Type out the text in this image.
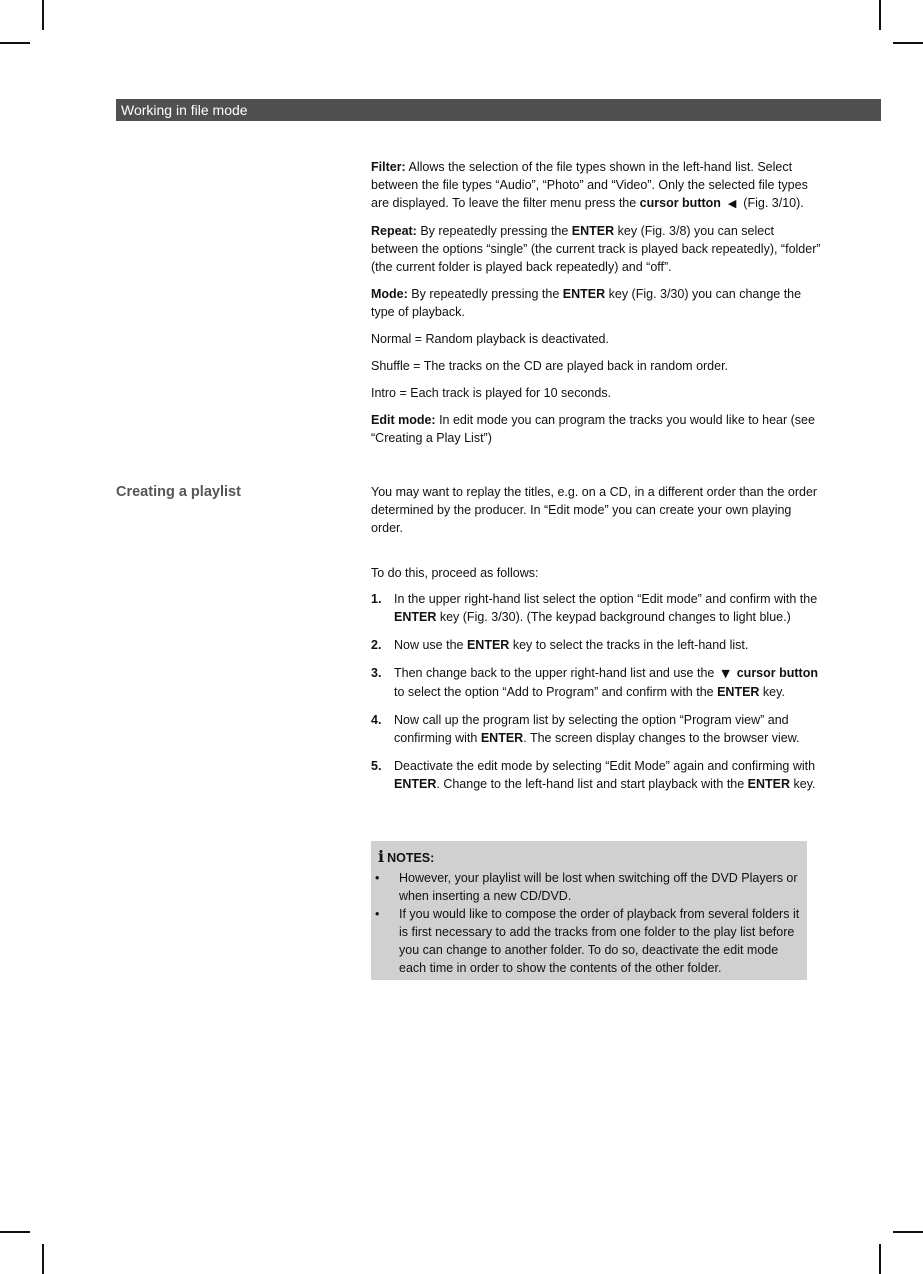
Working in file mode

Filter: Allows the selection of the file types shown in the left-hand list. Select between the file types “Audio”, “Photo” and “Video”. Only the selected file types are displayed. To leave the filter menu press the cursor button ◀  (Fig. 3/10).

Repeat: By repeatedly pressing the ENTER key (Fig. 3/8) you can select between the options “single” (the current track is played back repeatedly), “folder” (the current folder is played back repeatedly) and “off”.

Mode: By repeatedly pressing the ENTER key (Fig. 3/30) you can change the type of playback.

Normal = Random playback is deactivated.

Shuffle = The tracks on the CD are played back in random order.

Intro = Each track is played for 10 seconds.

Edit mode: In edit mode you can program the tracks you would like to hear (see “Creating a Play List”)

Creating a playlist	You may want to replay the titles, e.g. on a CD, in a different order than the order determined by the producer. In “Edit mode” you can create your own playing order.

To do this, proceed as follows:

1. In the upper right-hand list select the option “Edit mode” and confirm with the ENTER key (Fig. 3/30). (The keypad background changes to light blue.)
2. Now use the ENTER key to select the tracks in the left-hand list.
3. Then change back to the upper right-hand list and use the  ▼ cursor button to select the option “Add to Program” and confirm with the ENTER key.
4. Now call up the program list by selecting the option “Program view” and confirming with ENTER. The screen display changes to the browser view.
5. Deactivate the edit mode by selecting “Edit Mode” again and confirming with ENTER. Change to the left-hand list and start playback with the ENTER key.
i NOTES:
• However, your playlist will be lost when switching off the DVD Players or when inserting a new CD/DVD.
• If you would like to compose the order of playback from several folders it is first necessary to add the tracks from one folder to the play list before you can change to another folder. To do so, deactivate the edit mode each time in order to show the contents of the other folder.
